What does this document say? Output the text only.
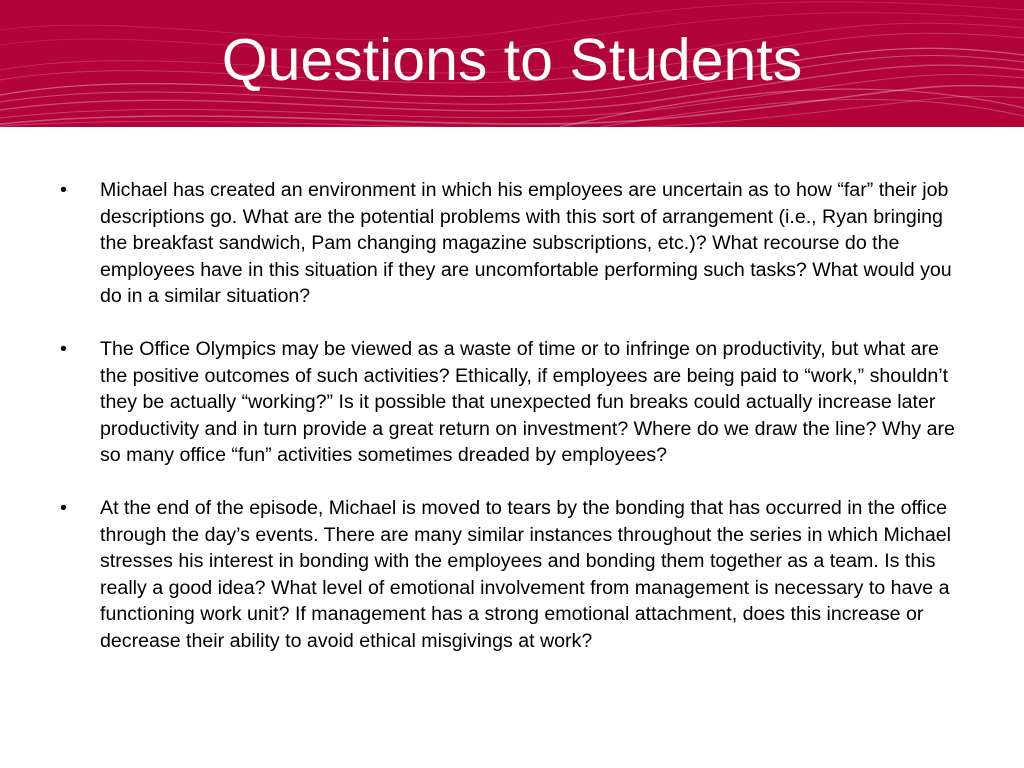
Questions to Students
• Michael has created an environment in which his employees are uncertain as to how “far” their job descriptions go. What are the potential problems with this sort of arrangement (i.e., Ryan bringing the breakfast sandwich, Pam changing magazine subscriptions, etc.)? What recourse do the employees have in this situation if they are uncomfortable performing such tasks? What would you do in a similar situation?
• The Office Olympics may be viewed as a waste of time or to infringe on productivity, but what are the positive outcomes of such activities? Ethically, if employees are being paid to “work,” shouldn’t they be actually “working?” Is it possible that unexpected fun breaks could actually increase later productivity and in turn provide a great return on investment? Where do we draw the line? Why are so many office “fun” activities sometimes dreaded by employees?
• At the end of the episode, Michael is moved to tears by the bonding that has occurred in the office through the day’s events. There are many similar instances throughout the series in which Michael stresses his interest in bonding with the employees and bonding them together as a team. Is this really a good idea? What level of emotional involvement from management is necessary to have a functioning work unit? If management has a strong emotional attachment, does this increase or decrease their ability to avoid ethical misgivings at work?
